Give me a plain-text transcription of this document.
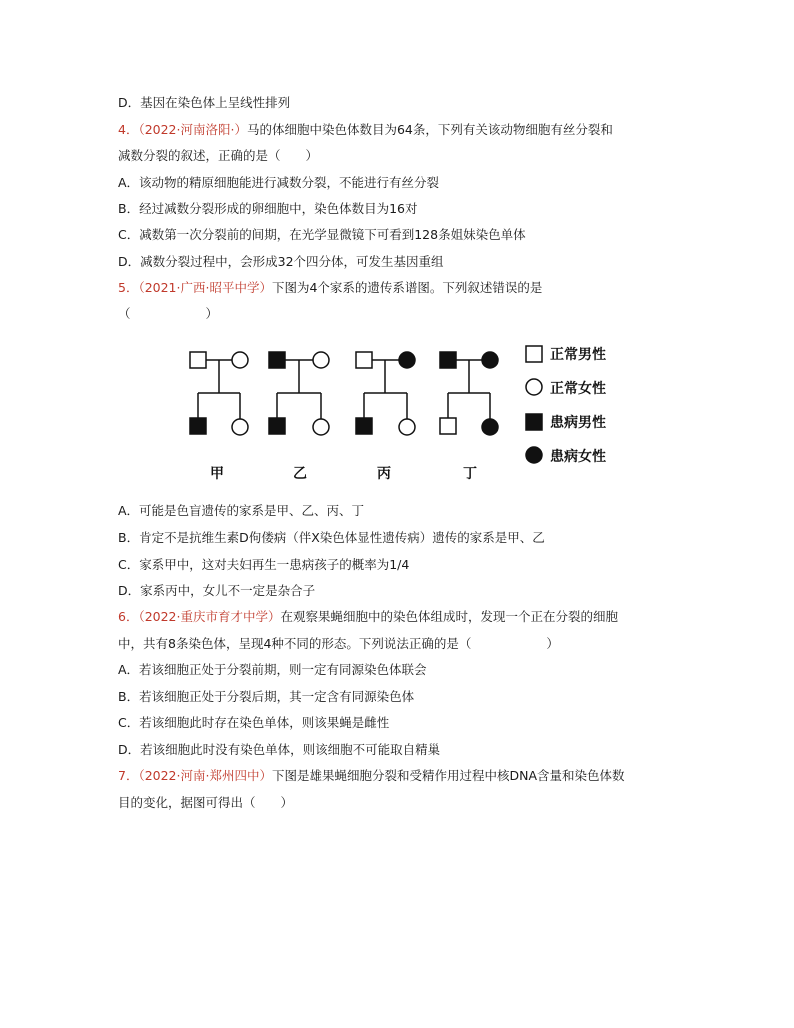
D．基因在染色体上呈线性排列
4．（2022·河南洛阳·）马的体细胞中染色体数目为64条，下列有关该动物细胞有丝分裂和
减数分裂的叙述，正确的是（　　）
A．该动物的精原细胞能进行减数分裂，不能进行有丝分裂
B．经过减数分裂形成的卵细胞中，染色体数目为16对
C．减数第一次分裂前的间期，在光学显微镜下可看到128条姐妹染色单体
D．减数分裂过程中，会形成32个四分体，可发生基因重组
5．（2021·广西·昭平中学）下图为4个家系的遗传系谱图。下列叙述错误的是
（　　　　　　）
正常男性
正常女性
患病男性
患病女性
甲	乙	丙	丁
A．可能是色盲遗传的家系是甲、乙、丙、丁
B．肯定不是抗维生素D佝偻病（伴X染色体显性遗传病）遗传的家系是甲、乙
C．家系甲中，这对夫妇再生一患病孩子的概率为1/4
D．家系丙中，女儿不一定是杂合子
6．（2022·重庆市育才中学）在观察果蝇细胞中的染色体组成时，发现一个正在分裂的细胞
中，共有8条染色体，呈现4种不同的形态。下列说法正确的是（　　　　　　）
A．若该细胞正处于分裂前期，则一定有同源染色体联会
B．若该细胞正处于分裂后期，其一定含有同源染色体
C．若该细胞此时存在染色单体，则该果蝇是雌性
D．若该细胞此时没有染色单体，则该细胞不可能取自精巢
7．（2022·河南·郑州四中）下图是雄果蝇细胞分裂和受精作用过程中核DNA含量和染色体数
目的变化，据图可得出（　　）
